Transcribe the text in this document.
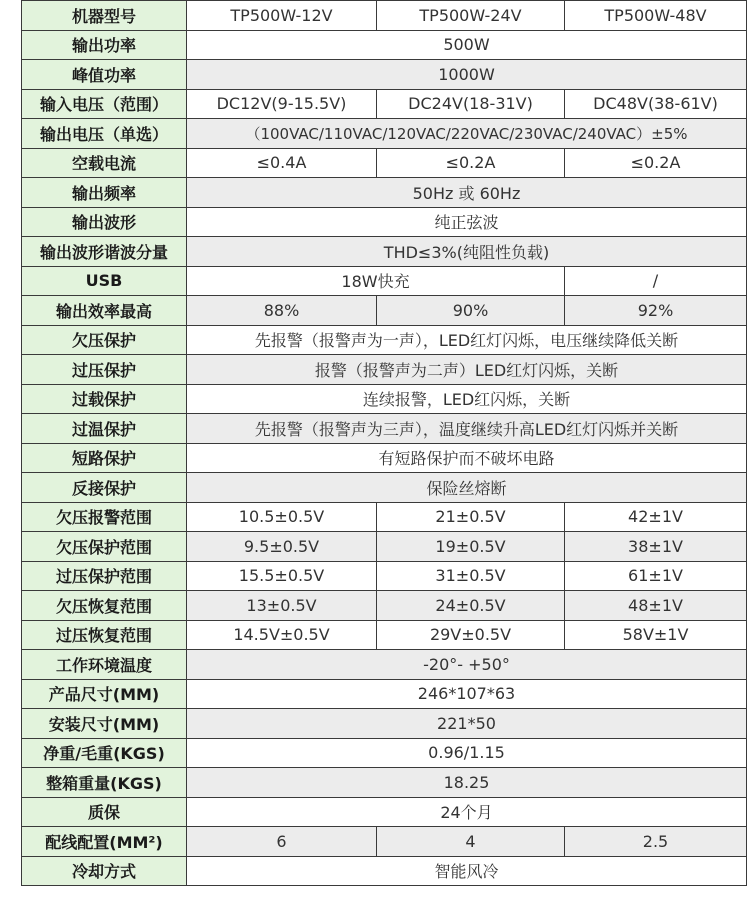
机器型号	TP500W-12V	TP500W-24V	TP500W-48V
输出功率	500W		
峰值功率	1000W		
输入电压（范围）	DC12V(9-15.5V)	DC24V(18-31V)	DC48V(38-61V)
输出电压（单选）	（100VAC/110VAC/120VAC/220VAC/230VAC/240VAC）±5%		
空载电流	≤0.4A	≤0.2A	≤0.2A
输出频率	50Hz 或 60Hz		
输出波形	纯正弦波		
输出波形谐波分量	THD≤3%(纯阻性负载)		
USB	18W快充		/
输出效率最高	88%	90%	92%
欠压保护	先报警（报警声为一声），LED红灯闪烁，电压继续降低关断		
过压保护	报警（报警声为二声）LED红灯闪烁，关断		
过载保护	连续报警，LED红闪烁，关断		
过温保护	先报警（报警声为三声），温度继续升高LED红灯闪烁并关断		
短路保护	有短路保护而不破坏电路		
反接保护	保险丝熔断		
欠压报警范围	10.5±0.5V	21±0.5V	42±1V
欠压保护范围	9.5±0.5V	19±0.5V	38±1V
过压保护范围	15.5±0.5V	31±0.5V	61±1V
欠压恢复范围	13±0.5V	24±0.5V	48±1V
过压恢复范围	14.5V±0.5V	29V±0.5V	58V±1V
工作环境温度	-20°- +50°		
产品尺寸(MM)	246*107*63		
安装尺寸(MM)	221*50		
净重/毛重(KGS)	0.96/1.15		
整箱重量(KGS)	18.25		
质保	24个月		
配线配置(MM²)	6	4	2.5
冷却方式	智能风冷		
